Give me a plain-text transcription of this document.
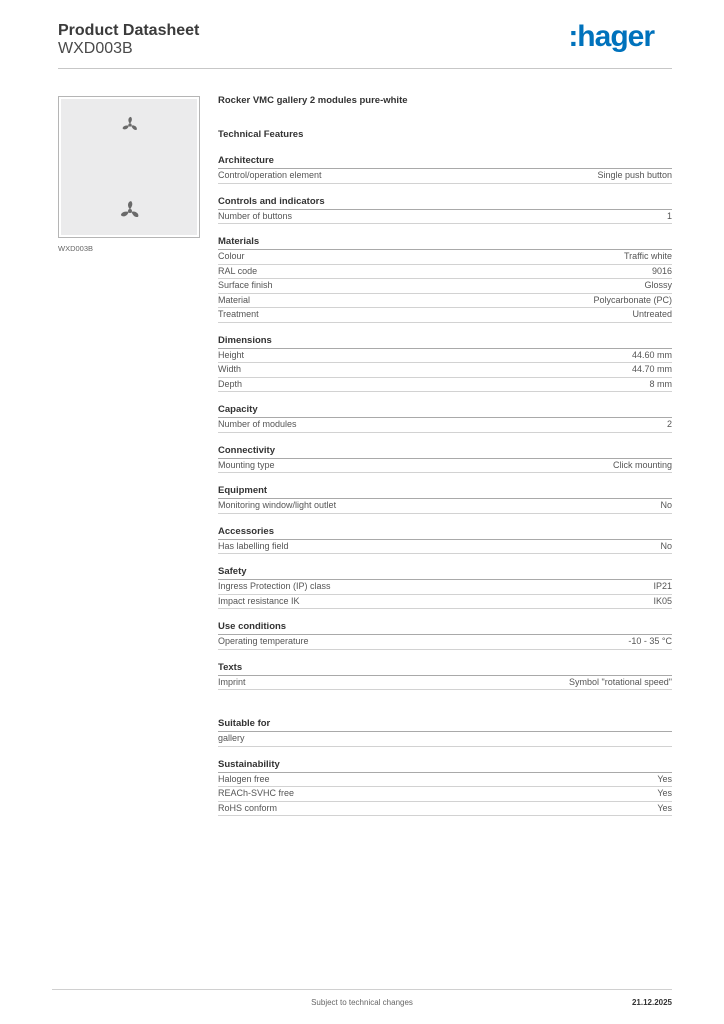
Product Datasheet
WXD003B	:hager
WXD003B
Rocker VMC gallery 2 modules pure-white
Technical Features
Architecture
Control/operation element	Single push button
Controls and indicators
Number of buttons	1
Materials
Colour	Traffic white
RAL code	9016
Surface finish	Glossy
Material	Polycarbonate (PC)
Treatment	Untreated
Dimensions
Height	44.60 mm
Width	44.70 mm
Depth	8 mm
Capacity
Number of modules	2
Connectivity
Mounting type	Click mounting
Equipment
Monitoring window/light outlet	No
Accessories
Has labelling field	No
Safety
Ingress Protection (IP) class	IP21
Impact resistance IK	IK05
Use conditions
Operating temperature	-10 - 35 °C
Texts
Imprint	Symbol "rotational speed"
Suitable for
gallery
Sustainability
Halogen free	Yes
REACh-SVHC free	Yes
RoHS conform	Yes
Subject to technical changes	21.12.2025
